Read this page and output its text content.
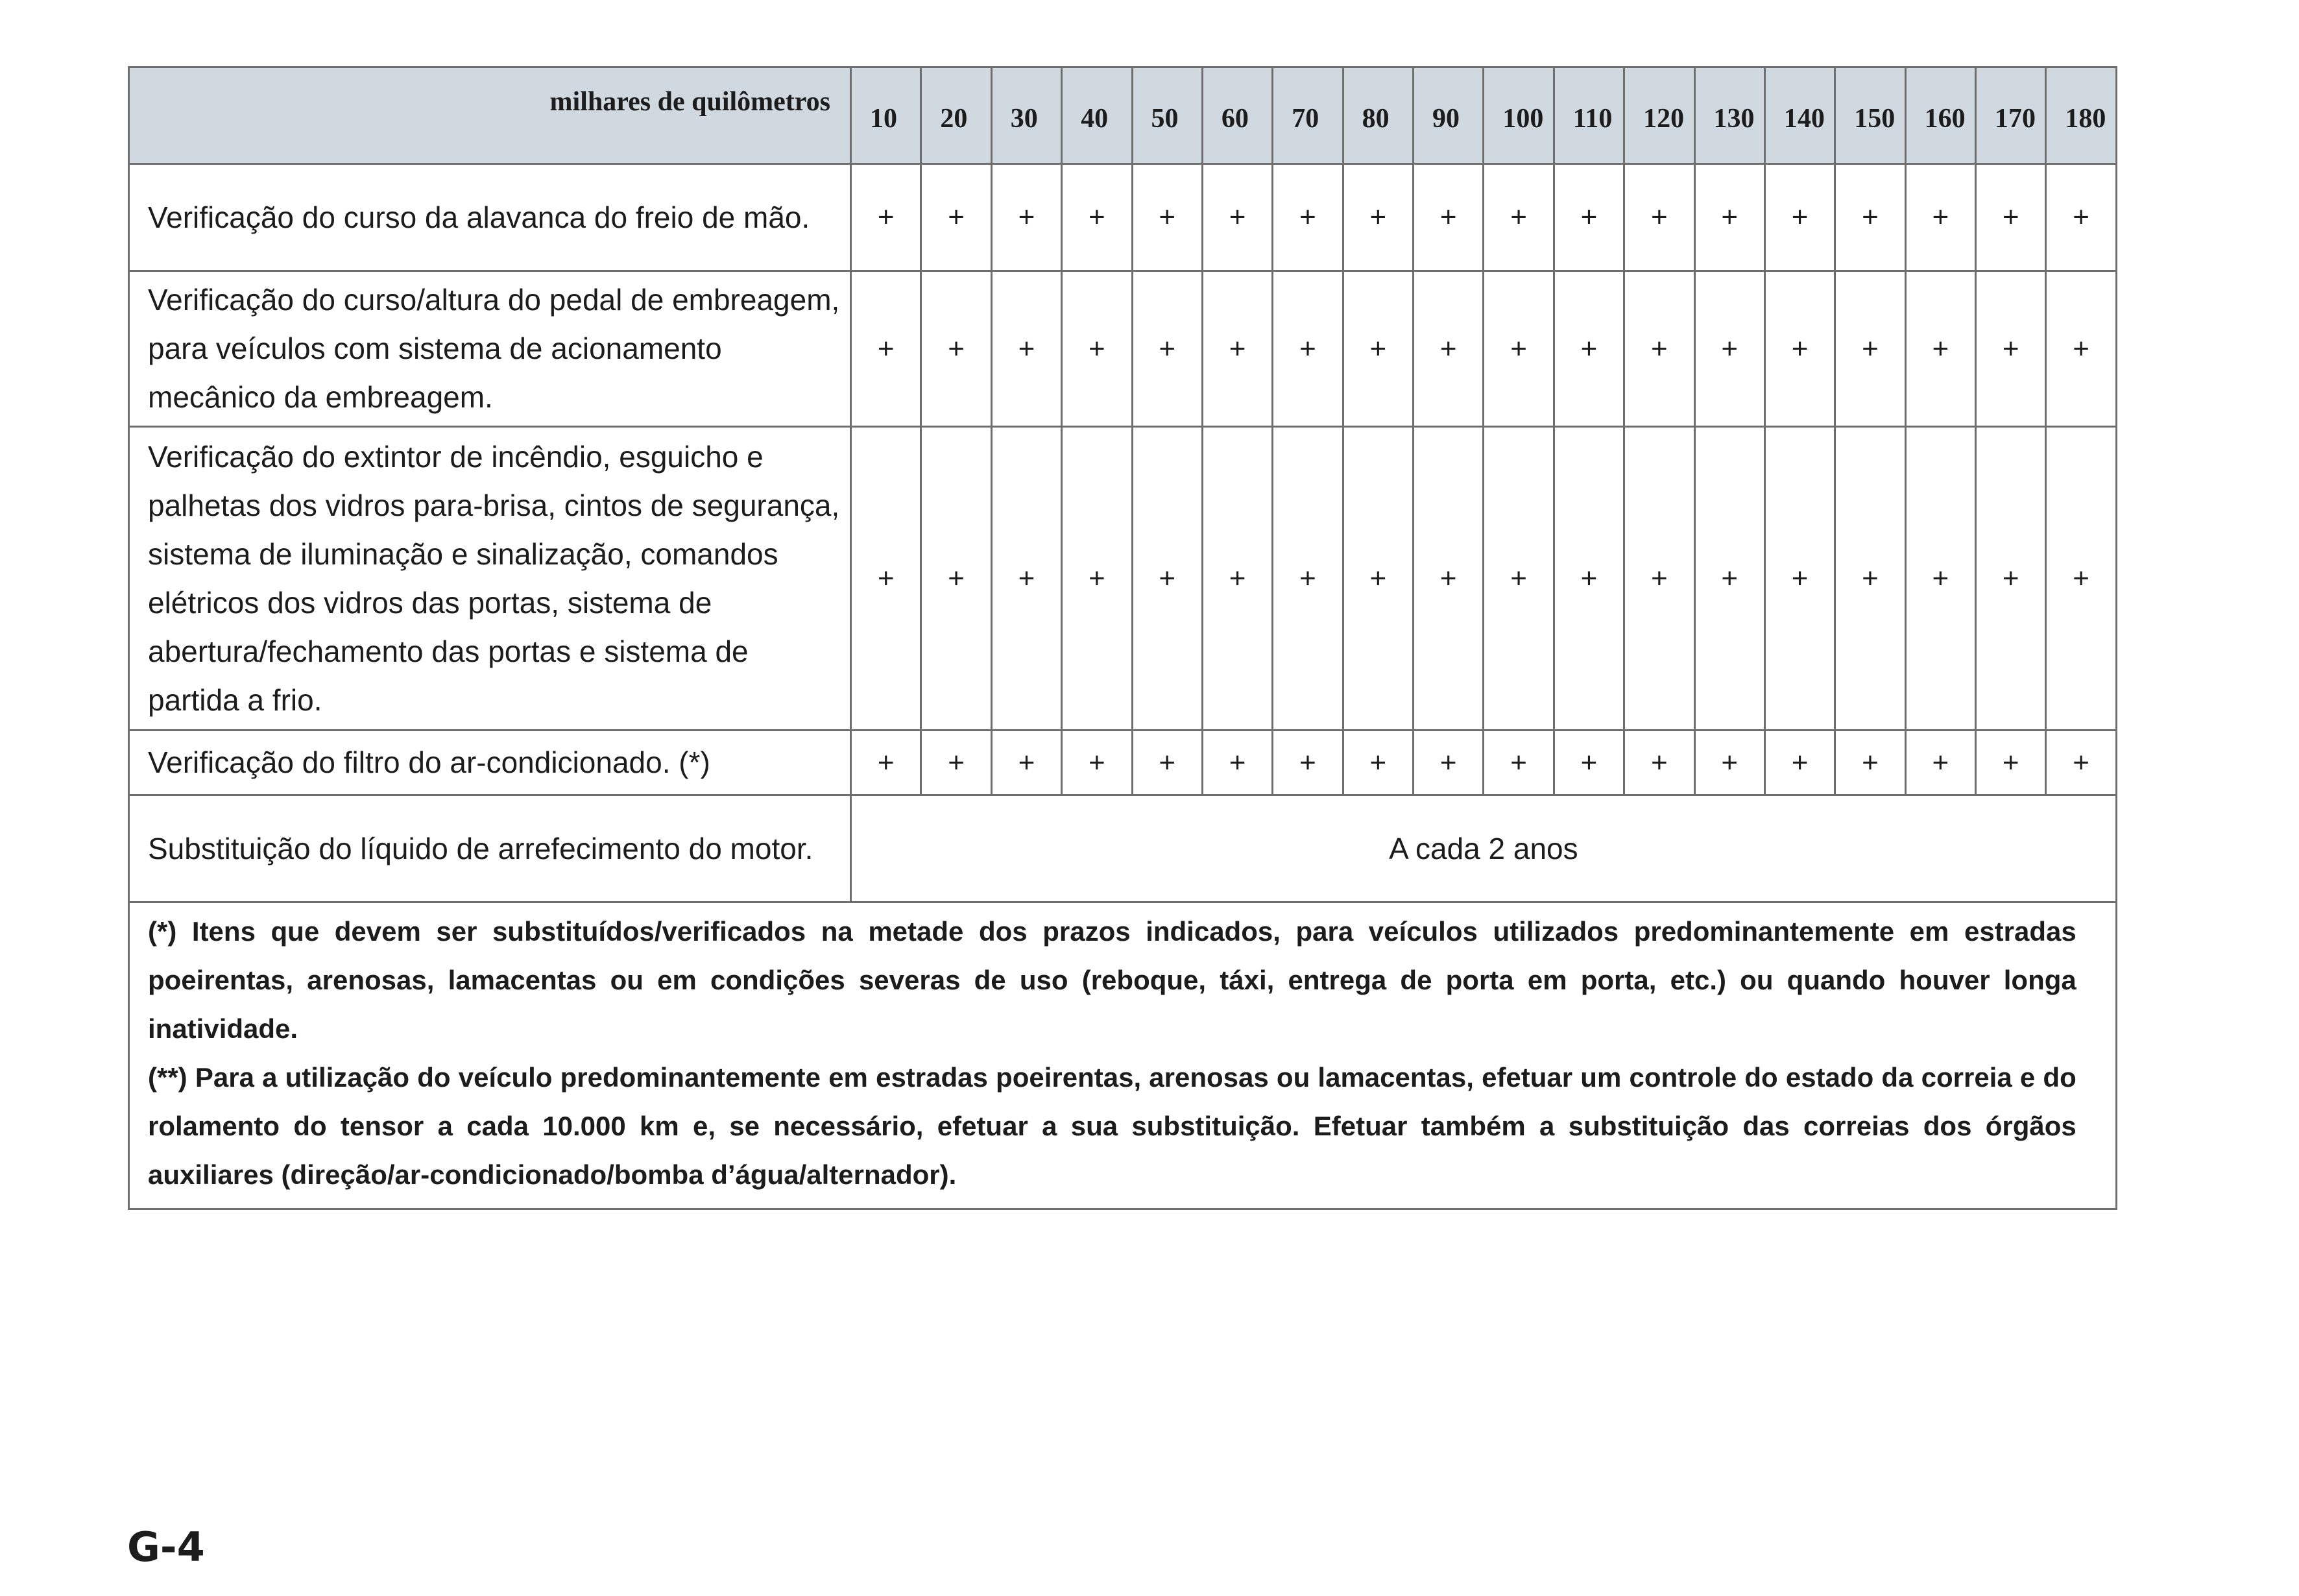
milhares de quilômetros	10	20	30	40	50	60	70	80	90	100	110	120	130	140	150	160	170	180
Verificação do curso da alavanca do freio de mão.	+	+	+	+	+	+	+	+	+	+	+	+	+	+	+	+	+	+
Verificação do curso/altura do pedal de embreagem, para veículos com sistema de acionamento mecânico da embreagem.	+	+	+	+	+	+	+	+	+	+	+	+	+	+	+	+	+	+
Verificação do extintor de incêndio, esguicho e palhetas dos vidros para-brisa, cintos de segurança, sistema de iluminação e sinalização, comandos elétricos dos vidros das portas, sistema de abertura/fechamento das portas e sistema de partida a frio.	+	+	+	+	+	+	+	+	+	+	+	+	+	+	+	+	+	+
Verificação do filtro do ar-condicionado. (*)	+	+	+	+	+	+	+	+	+	+	+	+	+	+	+	+	+	+
Substituição do líquido de arrefecimento do motor.	A cada 2 anos																	

(*) Itens que devem ser substituídos/verificados na metade dos prazos indicados, para veículos utilizados predominantemente em estradas poeirentas, arenosas, lamacentas ou em condições severas de uso (reboque, táxi, entrega de porta em porta, etc.) ou quando houver longa inatividade.
(**) Para a utilização do veículo predominantemente em estradas poeirentas, arenosas ou lamacentas, efetuar um controle do estado da correia e do rolamento do tensor a cada 10.000 km e, se necessário, efetuar a sua substituição. Efetuar também a substituição das correias dos órgãos auxiliares (direção/ar-condicionado/bomba d’água/alternador).																		
G-4
